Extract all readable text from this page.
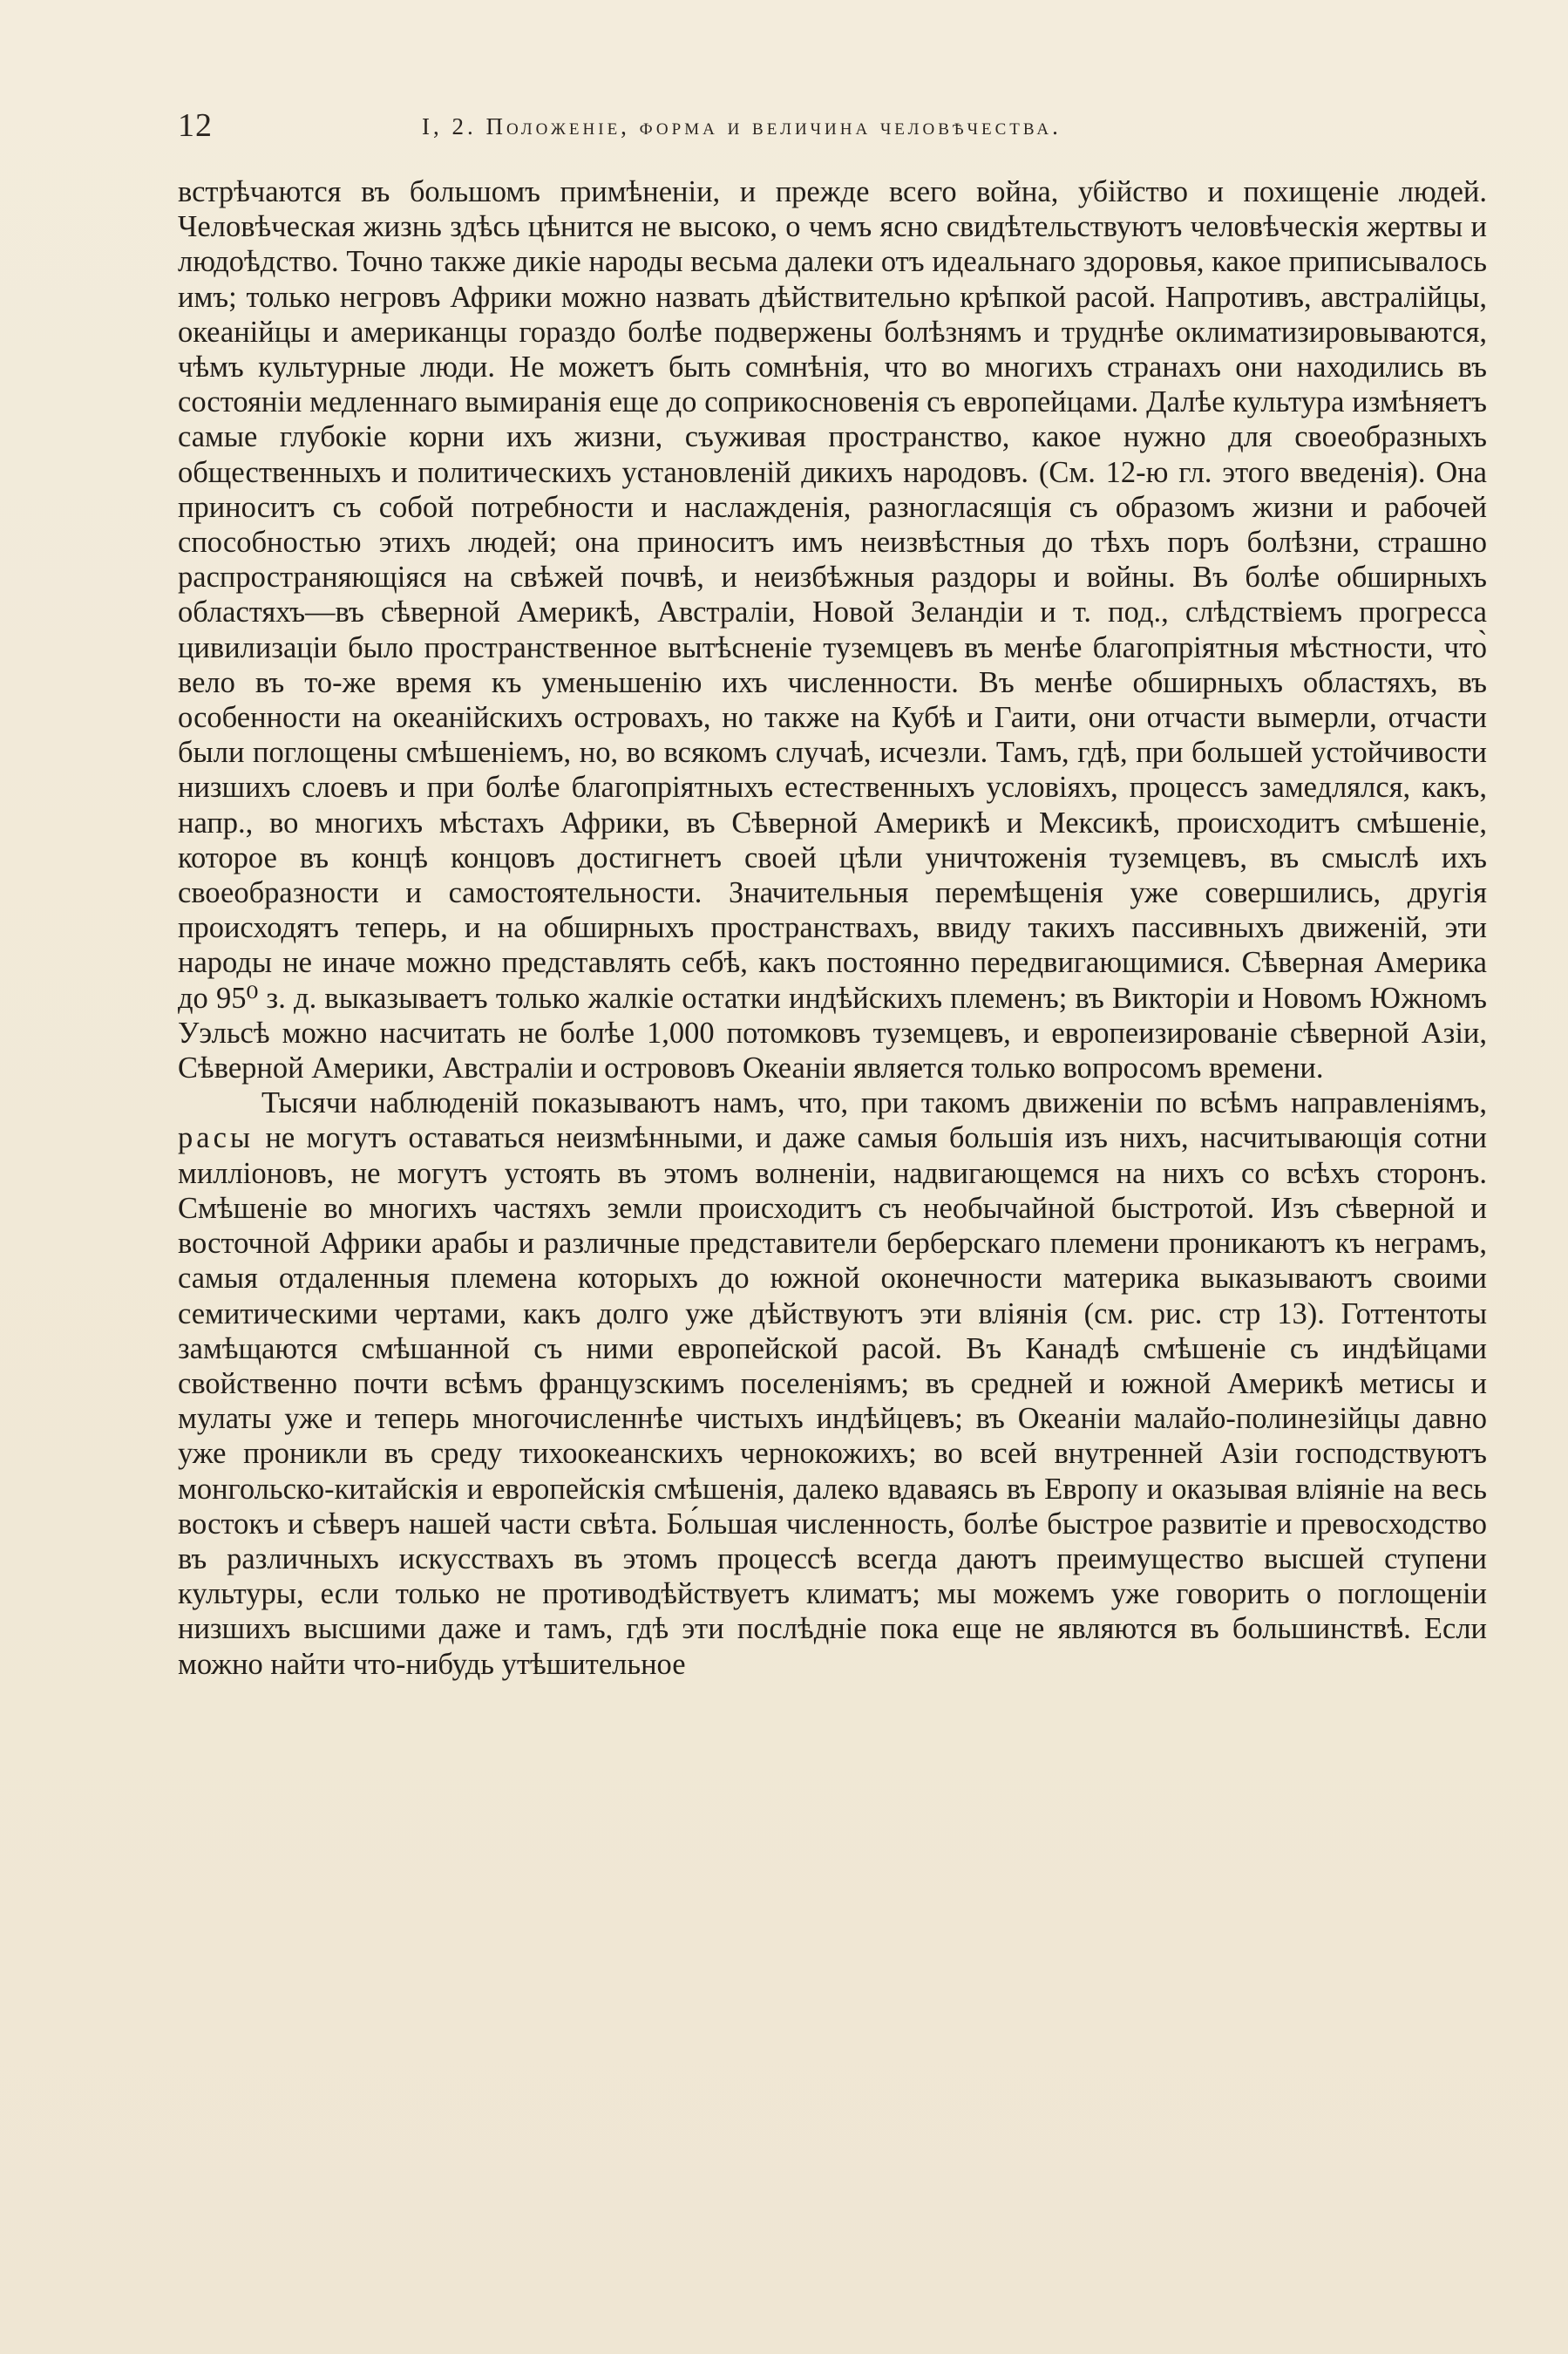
12	I, 2. Положеніе, форма и величина человѣчества.

встрѣчаются въ большомъ примѣненіи, и прежде всего война, убійство и похищеніе людей. Человѣческая жизнь здѣсь цѣнится не высоко, о чемъ ясно свидѣтельствуютъ человѣческія жертвы и людоѣдство. Точно также дикіе народы весьма далеки отъ идеальнаго здоровья, какое приписывалось имъ; только негровъ Африки можно назвать дѣйствительно крѣпкой расой. Напротивъ, австралійцы, океанійцы и американцы гораздо болѣе подвержены болѣзнямъ и труднѣе оклиматизировываются, чѣмъ культурные люди. Не можетъ быть сомнѣнія, что во многихъ странахъ они находились въ состояніи медленнаго вымиранія еще до соприкосновенія съ европейцами. Далѣе культура измѣняетъ самые глубокіе корни ихъ жизни, съуживая пространство, какое нужно для своеобразныхъ общественныхъ и политическихъ установленій дикихъ народовъ. (См. 12-ю гл. этого введенія). Она приноситъ съ собой потребности и наслажденія, разногласящія съ образомъ жизни и рабочей способностью этихъ людей; она приноситъ имъ неизвѣстныя до тѣхъ поръ болѣзни, страшно распространяющіяся на свѣжей почвѣ, и неизбѣжныя раздоры и войны. Въ болѣе обширныхъ областяхъ—въ сѣверной Америкѣ, Австраліи, Новой Зеландіи и т. под., слѣдствіемъ прогресса цивилизаціи было пространственное вытѣсненіе туземцевъ въ менѣе благопріятныя мѣстности, что̀ вело въ то-же время къ уменьшенію ихъ численности. Въ менѣе обширныхъ областяхъ, въ особенности на океанійскихъ островахъ, но также на Кубѣ и Гаити, они отчасти вымерли, отчасти были поглощены смѣшеніемъ, но, во всякомъ случаѣ, исчезли. Тамъ, гдѣ, при большей устойчивости низшихъ слоевъ и при болѣе благопріятныхъ естественныхъ условіяхъ, процессъ замедлялся, какъ, напр., во многихъ мѣстахъ Африки, въ Сѣверной Америкѣ и Мексикѣ, происходитъ смѣшеніе, которое въ концѣ концовъ достигнетъ своей цѣли уничтоженія туземцевъ, въ смыслѣ ихъ своеобразности и самостоятельности. Значительныя перемѣщенія уже совершились, другія происходятъ теперь, и на обширныхъ пространствахъ, ввиду такихъ пассивныхъ движеній, эти народы не иначе можно представлять себѣ, какъ постоянно передвигающимися. Сѣверная Америка до 95⁰ з. д. выказываетъ только жалкіе остатки индѣйскихъ племенъ; въ Викторіи и Новомъ Южномъ Уэльсѣ можно насчитать не болѣе 1,000 потомковъ туземцевъ, и европеизированіе сѣверной Азіи, Сѣверной Америки, Австраліи и островoвъ Океаніи является только вопросомъ времени.

Тысячи наблюденій показываютъ намъ, что, при такомъ движеніи по всѣмъ направленіямъ, расы не могутъ оставаться неизмѣнными, и даже самыя большія изъ нихъ, насчитывающія сотни милліоновъ, не могутъ устоять въ этомъ волненіи, надвигающемся на нихъ со всѣхъ сторонъ. Смѣшеніе во многихъ частяхъ земли происходитъ съ необычайной быстротой. Изъ сѣверной и восточной Африки арабы и различные представители берберскаго племени проникаютъ къ неграмъ, самыя отдаленныя племена которыхъ до южной оконечности материка выказываютъ своими семитическими чертами, какъ долго уже дѣйствуютъ эти вліянія (см. рис. стр 13). Готтентоты замѣщаются смѣшанной съ ними европейской расой. Въ Канадѣ смѣшеніе съ индѣйцами свойственно почти всѣмъ французскимъ поселеніямъ; въ средней и южной Америкѣ метисы и мулаты уже и теперь многочисленнѣе чистыхъ индѣйцевъ; въ Океаніи малайо-полинезійцы давно уже проникли въ среду тихоокеанскихъ чернокожихъ; во всей внутренней Азіи господствуютъ монгольско-китайскія и европейскія смѣшенія, далеко вдаваясь въ Европу и оказывая вліяніе на весь востокъ и сѣверъ нашей части свѣта. Бо́льшая численность, болѣе быстрое развитіе и превосходство въ различныхъ искусствахъ въ этомъ процессѣ всегда даютъ преимущество высшей ступени культуры, если только не противодѣйствуетъ климатъ; мы можемъ уже говорить о поглощеніи низшихъ высшими даже и тамъ, гдѣ эти послѣдніе пока еще не являются въ большинствѣ. Если можно найти что-нибудь утѣшительное
